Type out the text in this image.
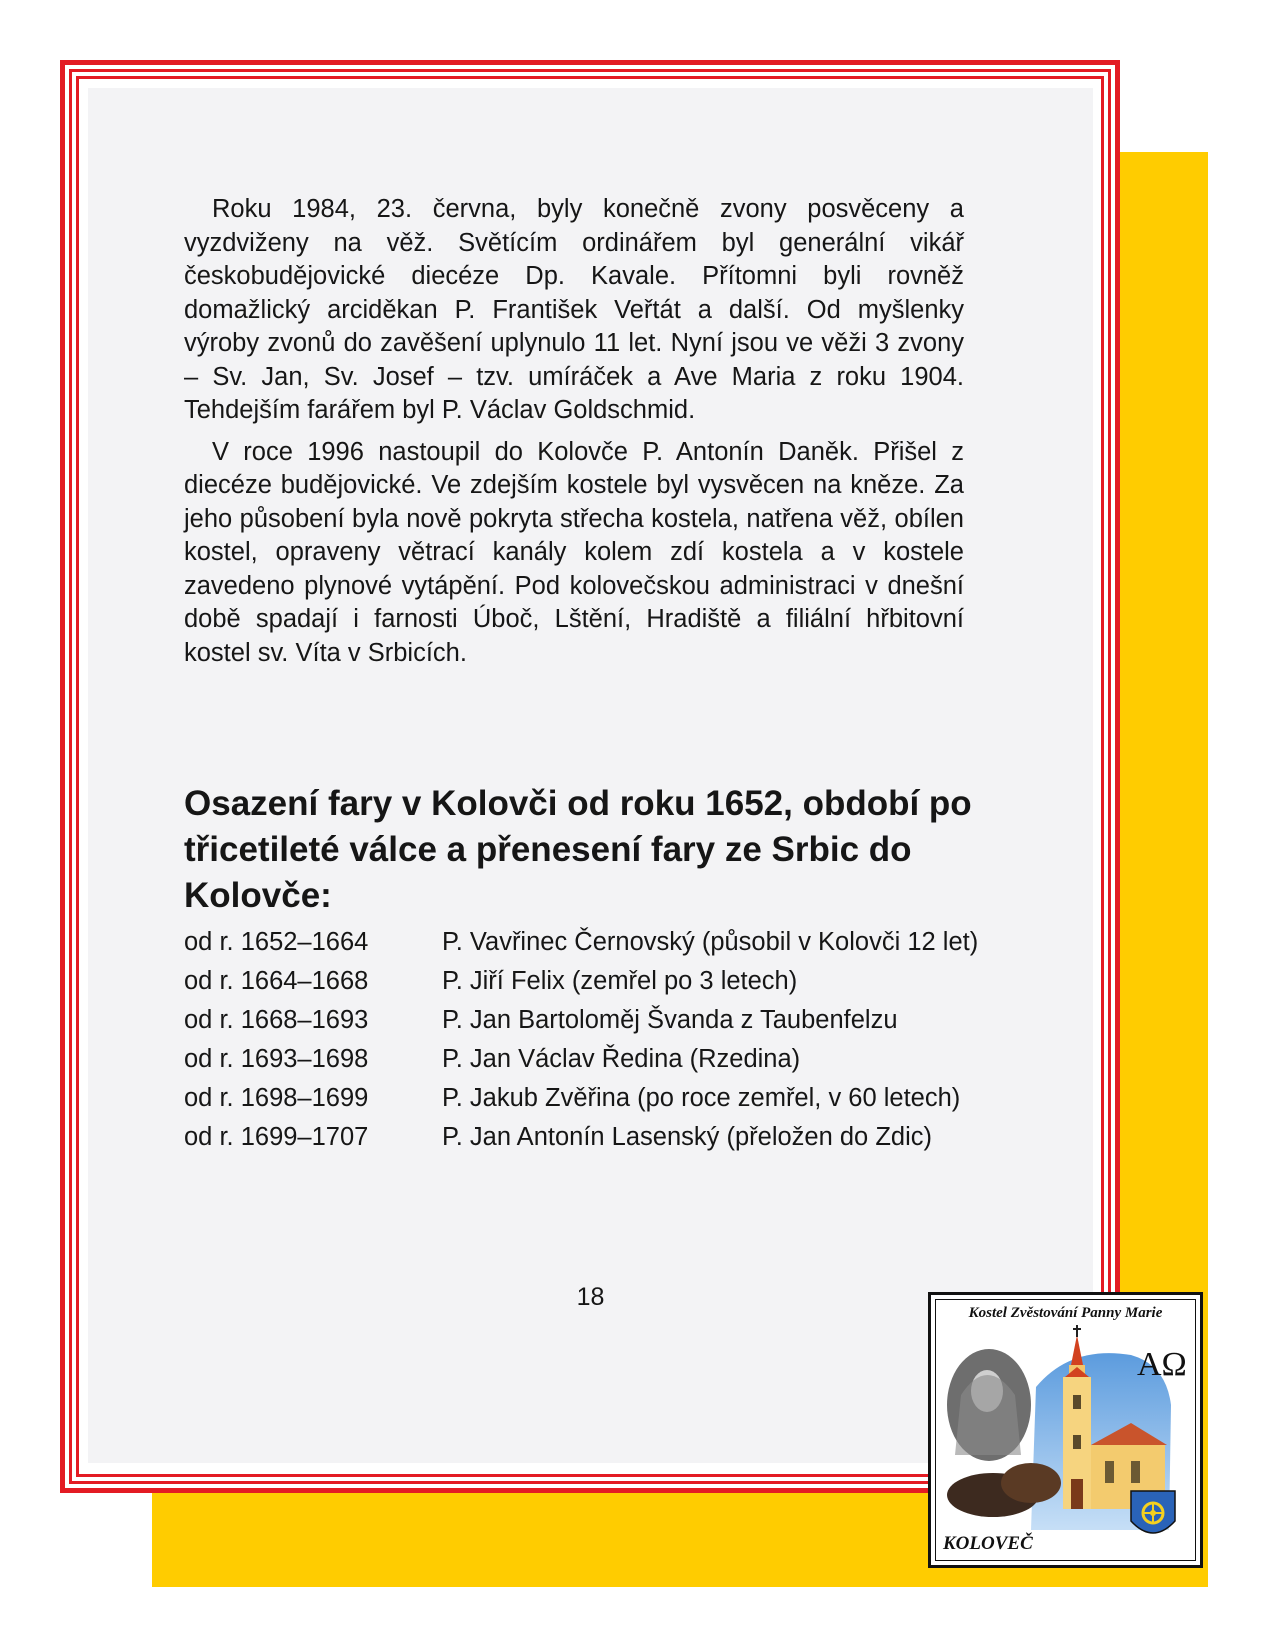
Roku 1984, 23. června, byly konečně zvony posvěceny a vyzdviženy na věž. Světícím ordinářem byl generální vikář českobudějovické diecéze Dp. Kavale. Přítomni byli rovněž domažlický arciděkan P. František Veřtát a další. Od myšlenky výroby zvonů do zavěšení uplynulo 11 let. Nyní jsou ve věži 3 zvony – Sv. Jan, Sv. Josef – tzv. umíráček a Ave Maria z roku 1904. Tehdejším farářem byl P. Václav Goldschmid.

V roce 1996 nastoupil do Kolovče P. Antonín Daněk. Přišel z diecéze budějovické. Ve zdejším kostele byl vysvěcen na kněze. Za jeho působení byla nově pokryta střecha kostela, natřena věž, obílen kostel, opraveny větrací kanály kolem zdí kostela a v kostele zavedeno plynové vytápění. Pod kolovečskou administraci v dnešní době spadají i farnosti Úboč, Lštění, Hradiště a filiální hřbitovní kostel sv. Víta v Srbicích.

Osazení fary v Kolovči od roku 1652, období po třicetileté válce a přenesení fary ze Srbic do Kolovče:
od r. 1652–1664	P. Vavřinec Černovský (působil v Kolovči 12 let)
od r. 1664–1668	P. Jiří Felix (zemřel po 3 letech)
od r. 1668–1693	P. Jan Bartoloměj Švanda z Taubenfelzu
od r. 1693–1698	P. Jan Václav Ředina (Rzedina)
od r. 1698–1699	P. Jakub Zvěřina (po roce zemřel, v 60 letech)
od r. 1699–1707	P. Jan Antonín Lasenský (přeložen do Zdic)
18
AΩ
Kostel Zvěstování Panny Marie
KOLOVEČ
